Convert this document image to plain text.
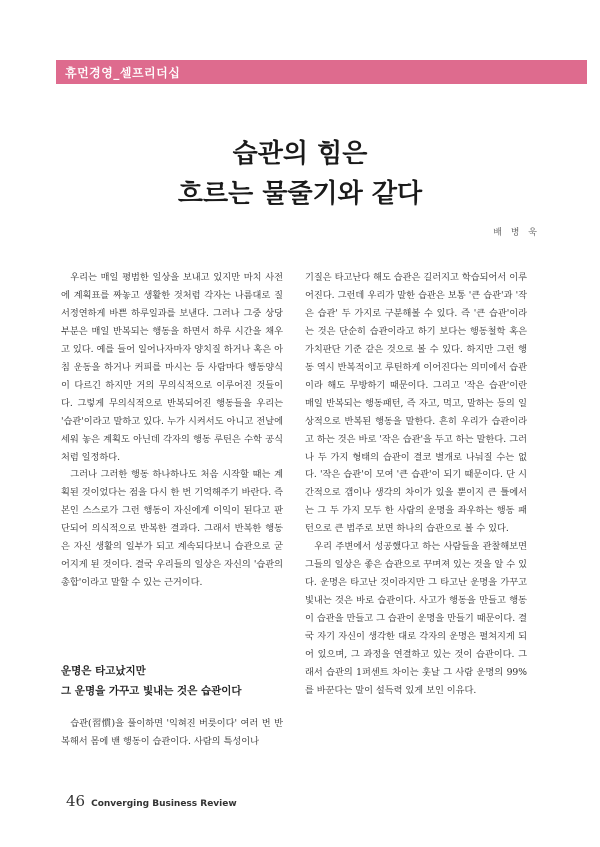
휴먼경영_셀프리더십
습관의 힘은
흐르는 물줄기와 같다
배 병 욱

우리는 매일 평범한 일상을 보내고 있지만 마치 사전에 계획표를 짜놓고 생활한 것처럼 각자는 나름대로 질서정연하게 바쁜 하루일과를 보낸다. 그러나 그중 상당부분은 매일 반복되는 행동을 하면서 하루 시간을 채우고 있다. 예를 들어 일어나자마자 양치질 하거나 혹은 아침 운동을 하거나 커피를 마시는 등 사람마다 행동양식이 다르긴 하지만 거의 무의식적으로 이루어진 것들이다. 그렇게 무의식적으로 반복되어진 행동들을 우리는 '습관'이라고 말하고 있다. 누가 시켜서도 아니고 전날에 세워 놓은 계획도 아닌데 각자의 행동 루틴은 수학 공식처럼 일정하다.

그러나 그러한 행동 하나하나도 처음 시작할 때는 계획된 것이었다는 점을 다시 한 번 기억해주기 바란다. 즉 본인 스스로가 그런 행동이 자신에게 이익이 된다고 판단되어 의식적으로 반복한 결과다. 그래서 반복한 행동은 자신 생활의 일부가 되고 계속되다보니 습관으로 굳어지게 된 것이다. 결국 우리들의 일상은 자신의 '습관의 총합'이라고 말할 수 있는 근거이다.

운명은 타고났지만
그 운명을 가꾸고 빛내는 것은 습관이다

습관(習慣)을 풀이하면 '익혀진 버릇이다' 여러 번 반복해서 몸에 밴 행동이 습관이다. 사람의 특성이나

기질은 타고난다 해도 습관은 길러지고 학습되어서 이루어진다. 그런데 우리가 말한 습관은 보통 '큰 습관'과 '작은 습관' 두 가지로 구분해볼 수 있다. 즉 '큰 습관'이라는 것은 단순히 습관이라고 하기 보다는 행동철학 혹은 가치판단 기준 같은 것으로 볼 수 있다. 하지만 그런 행동 역시 반복적이고 루틴하게 이어진다는 의미에서 습관이라 해도 무방하기 때문이다. 그리고 '작은 습관'이란 매일 반복되는 행동패턴, 즉 자고, 먹고, 말하는 등의 일상적으로 반복된 행동을 말한다. 흔히 우리가 습관이라고 하는 것은 바로 '작은 습관'을 두고 하는 말한다. 그러나 두 가지 형태의 습관이 결코 별개로 나눠질 수는 없다. '작은 습관'이 모여 '큰 습관'이 되기 때문이다. 단 시간적으로 갭이나 생각의 차이가 있을 뿐이지 큰 틀에서는 그 두 가지 모두 한 사람의 운명을 좌우하는 행동 패턴으로 큰 범주로 보면 하나의 습관으로 볼 수 있다.

우리 주변에서 성공했다고 하는 사람들을 관찰해보면 그들의 일상은 좋은 습관으로 꾸며져 있는 것을 알 수 있다. 운명은 타고난 것이라지만 그 타고난 운명을 가꾸고 빛내는 것은 바로 습관이다. 사고가 행동을 만들고 행동이 습관을 만들고 그 습관이 운명을 만들기 때문이다. 결국 자기 자신이 생각한 대로 각자의 운명은 펼쳐지게 되어 있으며, 그 과정을 연결하고 있는 것이 습관이다. 그래서 습관의 1퍼센트 차이는 훗날 그 사람 운명의 99%를 바꾼다는 말이 설득력 있게 보인 이유다.

46 Converging Business Review
